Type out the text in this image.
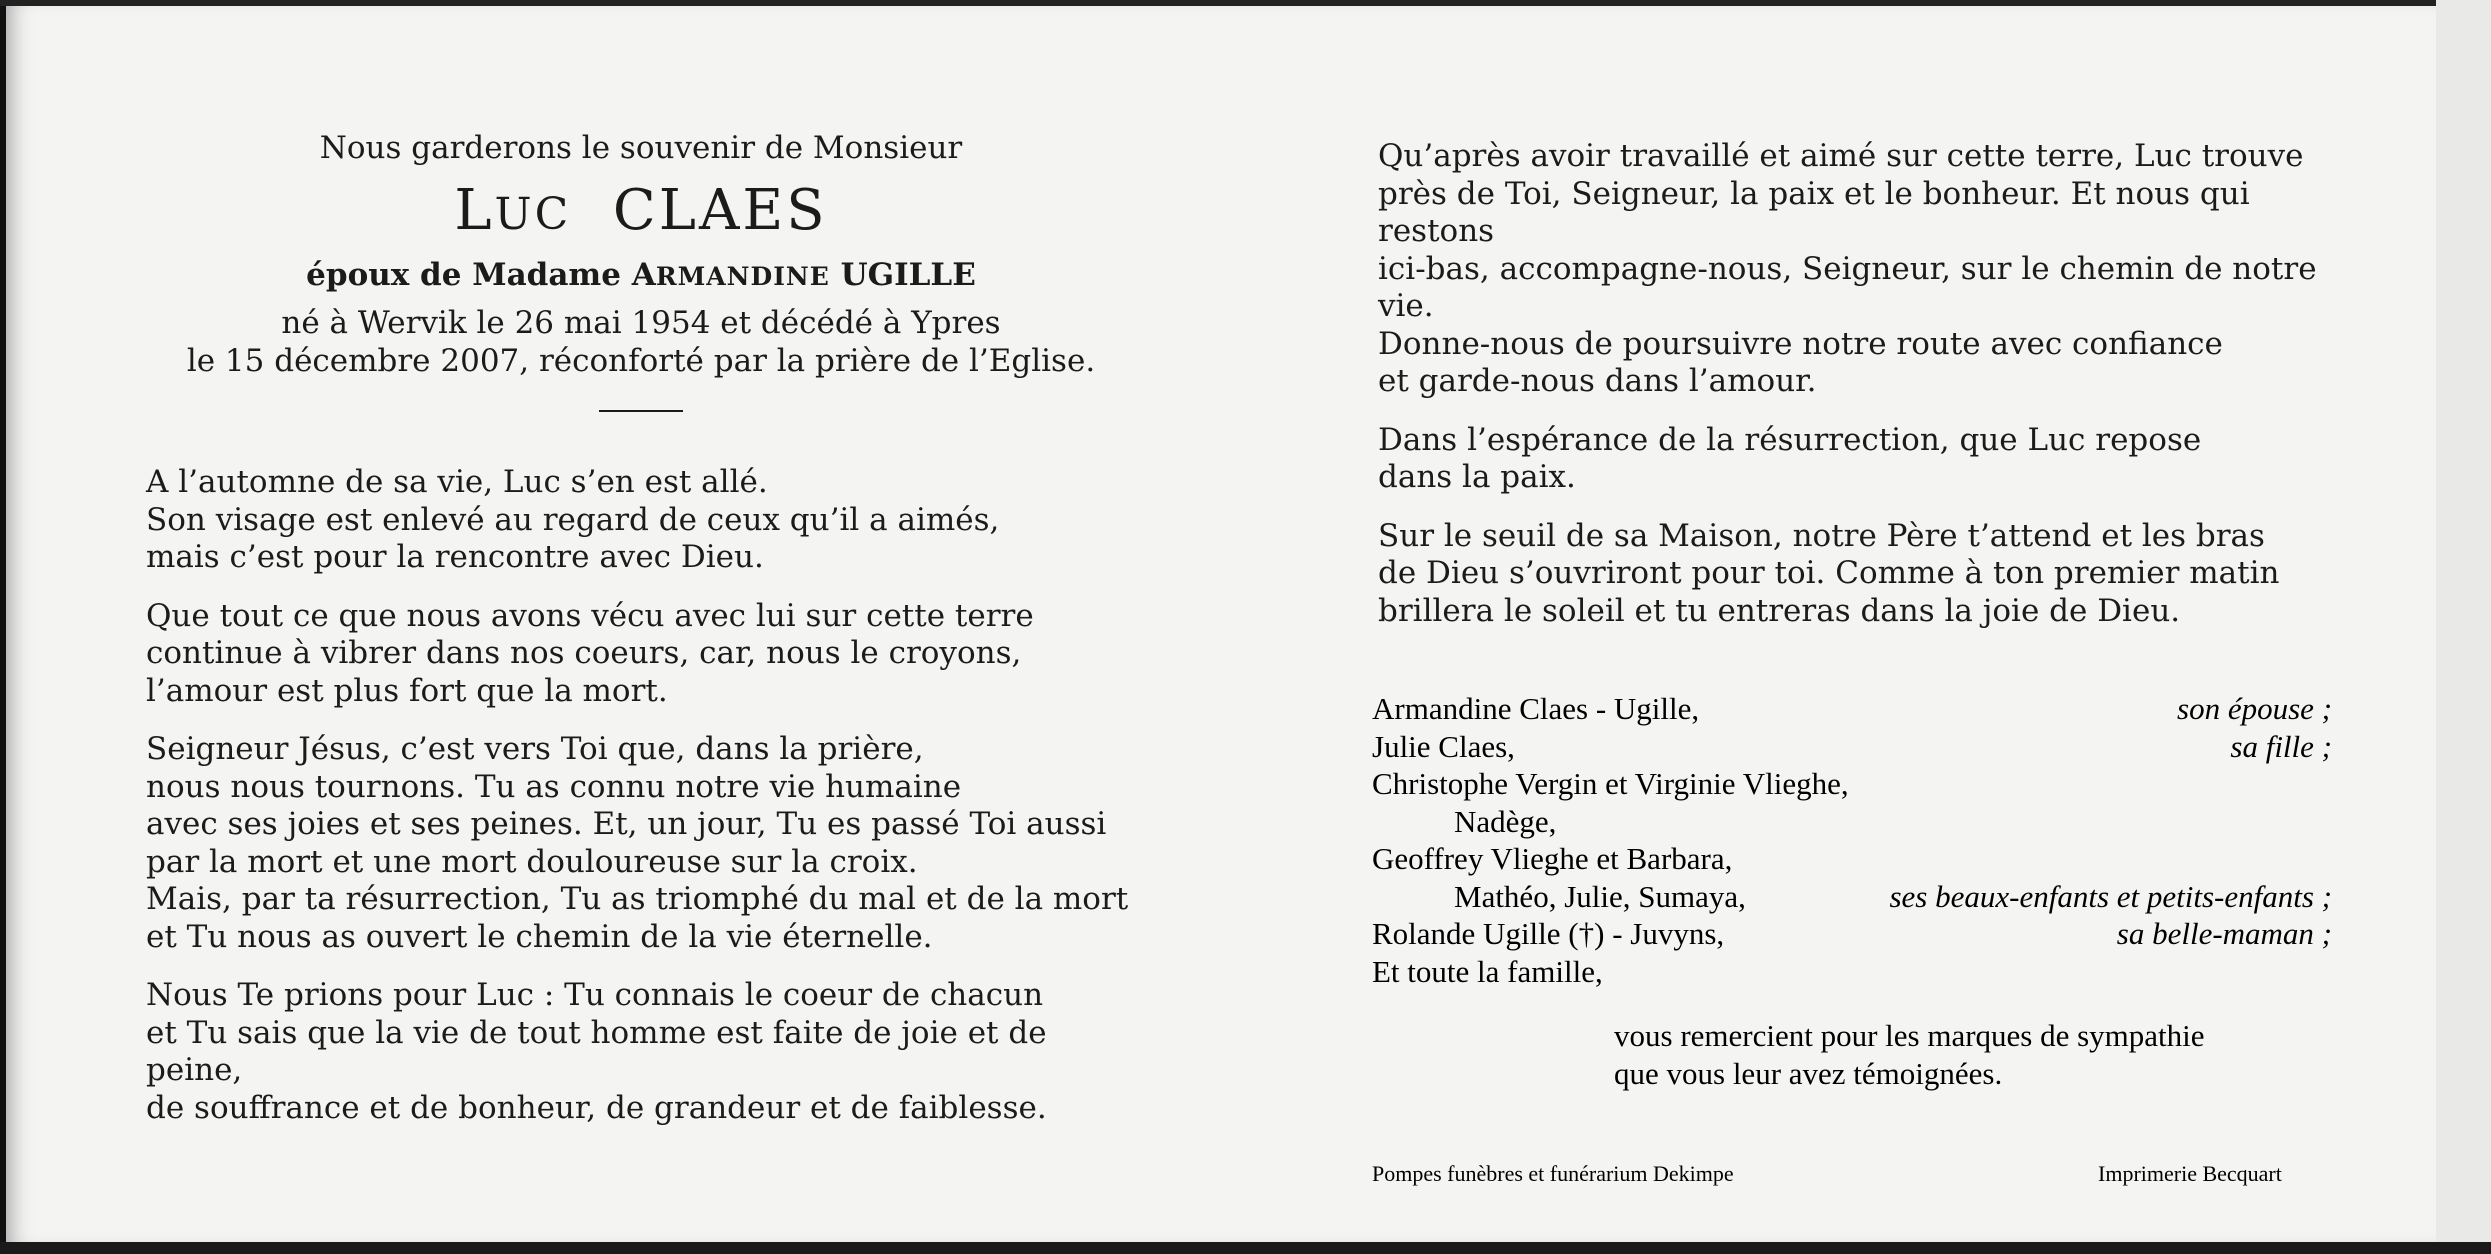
Nous garderons le souvenir de Monsieur
LUC CLAES
époux de Madame ARMANDINE UGILLE
né à Wervik le 26 mai 1954 et décédé à Ypres
le 15 décembre 2007, réconforté par la prière de l’Eglise.
A l’automne de sa vie, Luc s’en est allé.
Son visage est enlevé au regard de ceux qu’il a aimés,
mais c’est pour la rencontre avec Dieu.
Que tout ce que nous avons vécu avec lui sur cette terre
continue à vibrer dans nos coeurs, car, nous le croyons,
l’amour est plus fort que la mort.
Seigneur Jésus, c’est vers Toi que, dans la prière,
nous nous tournons. Tu as connu notre vie humaine
avec ses joies et ses peines. Et, un jour, Tu es passé Toi aussi
par la mort et une mort douloureuse sur la croix.
Mais, par ta résurrection, Tu as triomphé du mal et de la mort
et Tu nous as ouvert le chemin de la vie éternelle.
Nous Te prions pour Luc : Tu connais le coeur de chacun
et Tu sais que la vie de tout homme est faite de joie et de peine,
de souffrance et de bonheur, de grandeur et de faiblesse.
Qu’après avoir travaillé et aimé sur cette terre, Luc trouve
près de Toi, Seigneur, la paix et le bonheur. Et nous qui restons
ici-bas, accompagne-nous, Seigneur, sur le chemin de notre vie.
Donne-nous de poursuivre notre route avec confiance
et garde-nous dans l’amour.
Dans l’espérance de la résurrection, que Luc repose
dans la paix.
Sur le seuil de sa Maison, notre Père t’attend et les bras
de Dieu s’ouvriront pour toi. Comme à ton premier matin
brillera le soleil et tu entreras dans la joie de Dieu.
Armandine Claes - Ugille,	son épouse ;
Julie Claes,	sa fille ;
Christophe Vergin et Virginie Vlieghe,
Nadège,
Geoffrey Vlieghe et Barbara,
Mathéo, Julie, Sumaya,	ses beaux-enfants et petits-enfants ;
Rolande Ugille (†) - Juvyns,	sa belle-maman ;
Et toute la famille,
vous remercient pour les marques de sympathie
que vous leur avez témoignées.
Pompes funèbres et funérarium Dekimpe	Imprimerie Becquart
